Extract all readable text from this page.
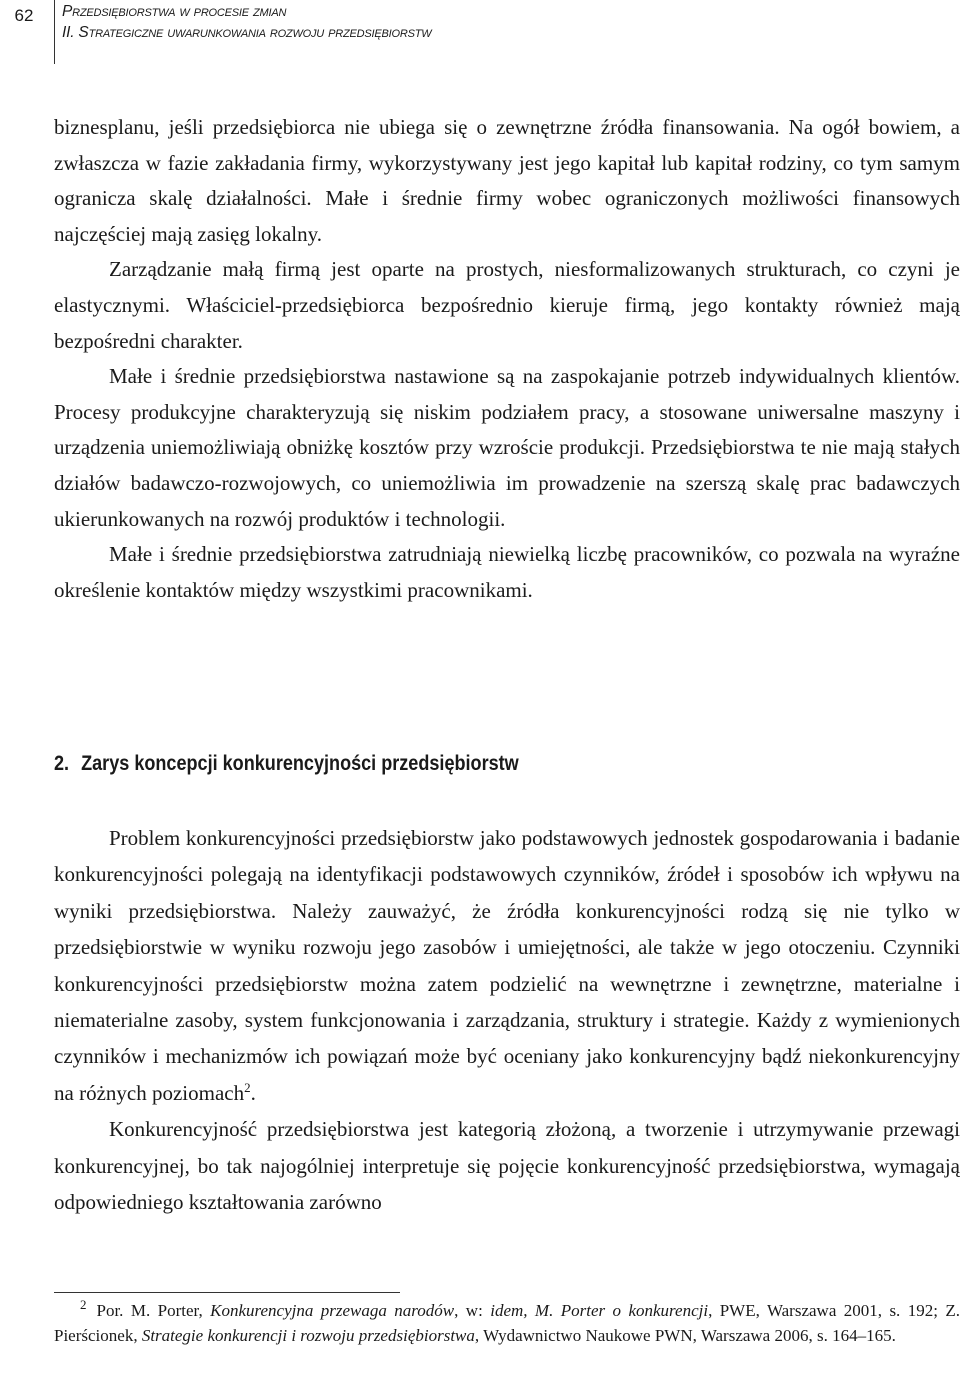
62	Przedsiębiorstwa w procesie zmian
II. Strategiczne uwarunkowania rozwoju przedsiębiorstw

biznesplanu, jeśli przedsiębiorca nie ubiega się o zewnętrzne źródła finansowania. Na ogół bowiem, a zwłaszcza w fazie zakładania firmy, wykorzystywany jest jego kapitał lub kapitał rodziny, co tym samym ogranicza skalę działalności. Małe i średnie firmy wobec ograniczonych możliwości finansowych najczęściej mają zasięg lokalny.

Zarządzanie małą firmą jest oparte na prostych, niesformalizowanych strukturach, co czyni je elastycznymi. Właściciel-przedsiębiorca bezpośrednio kieruje firmą, jego kontakty również mają bezpośredni charakter.

Małe i średnie przedsiębiorstwa nastawione są na zaspokajanie potrzeb indywidualnych klientów. Procesy produkcyjne charakteryzują się niskim podziałem pracy, a stosowane uniwersalne maszyny i urządzenia uniemożliwiają obniżkę kosztów przy wzroście produkcji. Przedsiębiorstwa te nie mają stałych działów badawczo-rozwojowych, co uniemożliwia im prowadzenie na szerszą skalę prac badawczych ukierunkowanych na rozwój produktów i technologii.

Małe i średnie przedsiębiorstwa zatrudniają niewielką liczbę pracowników, co pozwala na wyraźne określenie kontaktów między wszystkimi pracownikami.

2. Zarys koncepcji konkurencyjności przedsiębiorstw

Problem konkurencyjności przedsiębiorstw jako podstawowych jednostek gospodarowania i badanie konkurencyjności polegają na identyfikacji podstawowych czynników, źródeł i sposobów ich wpływu na wyniki przedsiębiorstwa. Należy zauważyć, że źródła konkurencyjności rodzą się nie tylko w przedsiębiorstwie w wyniku rozwoju jego zasobów i umiejętności, ale także w jego otoczeniu. Czynniki konkurencyjności przedsiębiorstw można zatem podzielić na wewnętrzne i zewnętrzne, materialne i niematerialne zasoby, system funkcjonowania i zarządzania, struktury i strategie. Każdy z wymienionych czynników i mechanizmów ich powiązań może być oceniany jako konkurencyjny bądź niekonkurencyjny na różnych poziomach$^2$.

Konkurencyjność przedsiębiorstwa jest kategorią złożoną, a tworzenie i utrzymywanie przewagi konkurencyjnej, bo tak najogólniej interpretuje się pojęcie konkurencyjność przedsiębiorstwa, wymagają odpowiedniego kształtowania zarówno

$^2$ Por. M. Porter, Konkurencyjna przewaga narodów, w: idem, M. Porter o konkurencji, PWE, Warszawa 2001, s. 192; Z. Pierścionek, Strategie konkurencji i rozwoju przedsiębiorstwa, Wydawnictwo Naukowe PWN, Warszawa 2006, s. 164–165.
